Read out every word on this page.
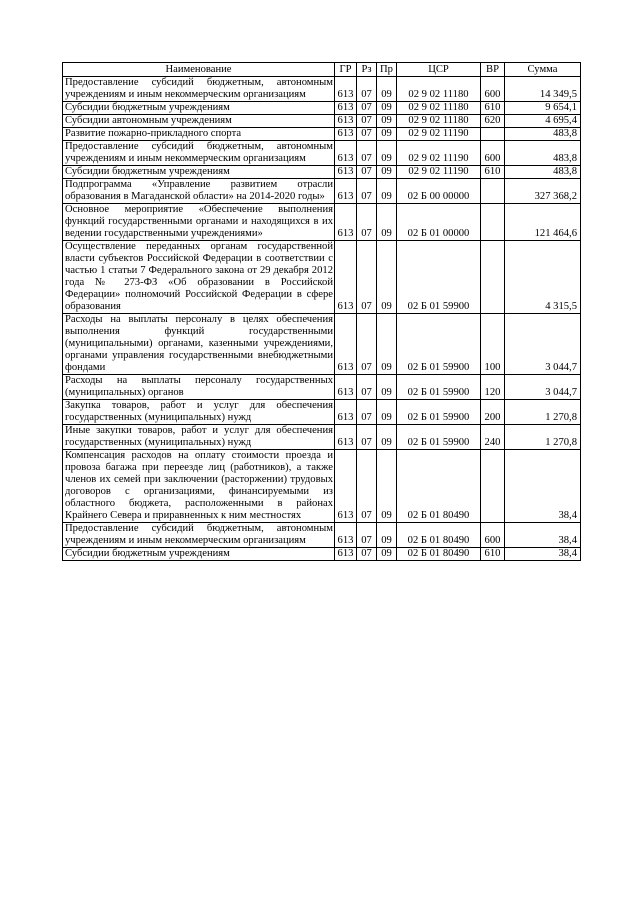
Наименование	ГР	Рз	Пр	ЦСР	ВР	Сумма
Предоставление субсидий бюджетным, автономным учреждениям и иным некоммерческим организациям	613	07	09	02 9 02 11180	600	14 349,5
Субсидии бюджетным учреждениям	613	07	09	02 9 02 11180	610	9 654,1
Субсидии автономным учреждениям	613	07	09	02 9 02 11180	620	4 695,4
Развитие пожарно-прикладного спорта	613	07	09	02 9 02 11190		483,8
Предоставление субсидий бюджетным, автономным учреждениям и иным некоммерческим организациям	613	07	09	02 9 02 11190	600	483,8
Субсидии бюджетным учреждениям	613	07	09	02 9 02 11190	610	483,8
Подпрограмма «Управление развитием отрасли образования в Магаданской области» на 2014-2020 годы»	613	07	09	02 Б 00 00000		327 368,2
Основное мероприятие «Обеспечение выполнения функций государственными органами и находящихся в их ведении государственными учреждениями»	613	07	09	02 Б 01 00000		121 464,6
Осуществление переданных органам государственной власти субъектов Российской Федерации в соответствии с частью 1 статьи 7 Федерального закона от 29 декабря 2012 года № 273-ФЗ «Об образовании в Российской Федерации» полномочий Российской Федерации в сфере образования	613	07	09	02 Б 01 59900		4 315,5
Расходы на выплаты персоналу в целях обеспечения выполнения функций государственными (муниципальными) органами, казенными учреждениями, органами управления государственными внебюджетными фондами	613	07	09	02 Б 01 59900	100	3 044,7
Расходы на выплаты персоналу государственных (муниципальных) органов	613	07	09	02 Б 01 59900	120	3 044,7
Закупка товаров, работ и услуг для обеспечения государственных (муниципальных) нужд	613	07	09	02 Б 01 59900	200	1 270,8
Иные закупки товаров, работ и услуг для обеспечения государственных (муниципальных) нужд	613	07	09	02 Б 01 59900	240	1 270,8
Компенсация расходов на оплату стоимости проезда и провоза багажа при переезде лиц (работников), а также членов их семей при заключении (расторжении) трудовых договоров с организациями, финансируемыми из областного бюджета, расположенными в районах Крайнего Севера и приравненных к ним местностях	613	07	09	02 Б 01 80490		38,4
Предоставление субсидий бюджетным, автономным учреждениям и иным некоммерческим организациям	613	07	09	02 Б 01 80490	600	38,4
Субсидии бюджетным учреждениям	613	07	09	02 Б 01 80490	610	38,4
